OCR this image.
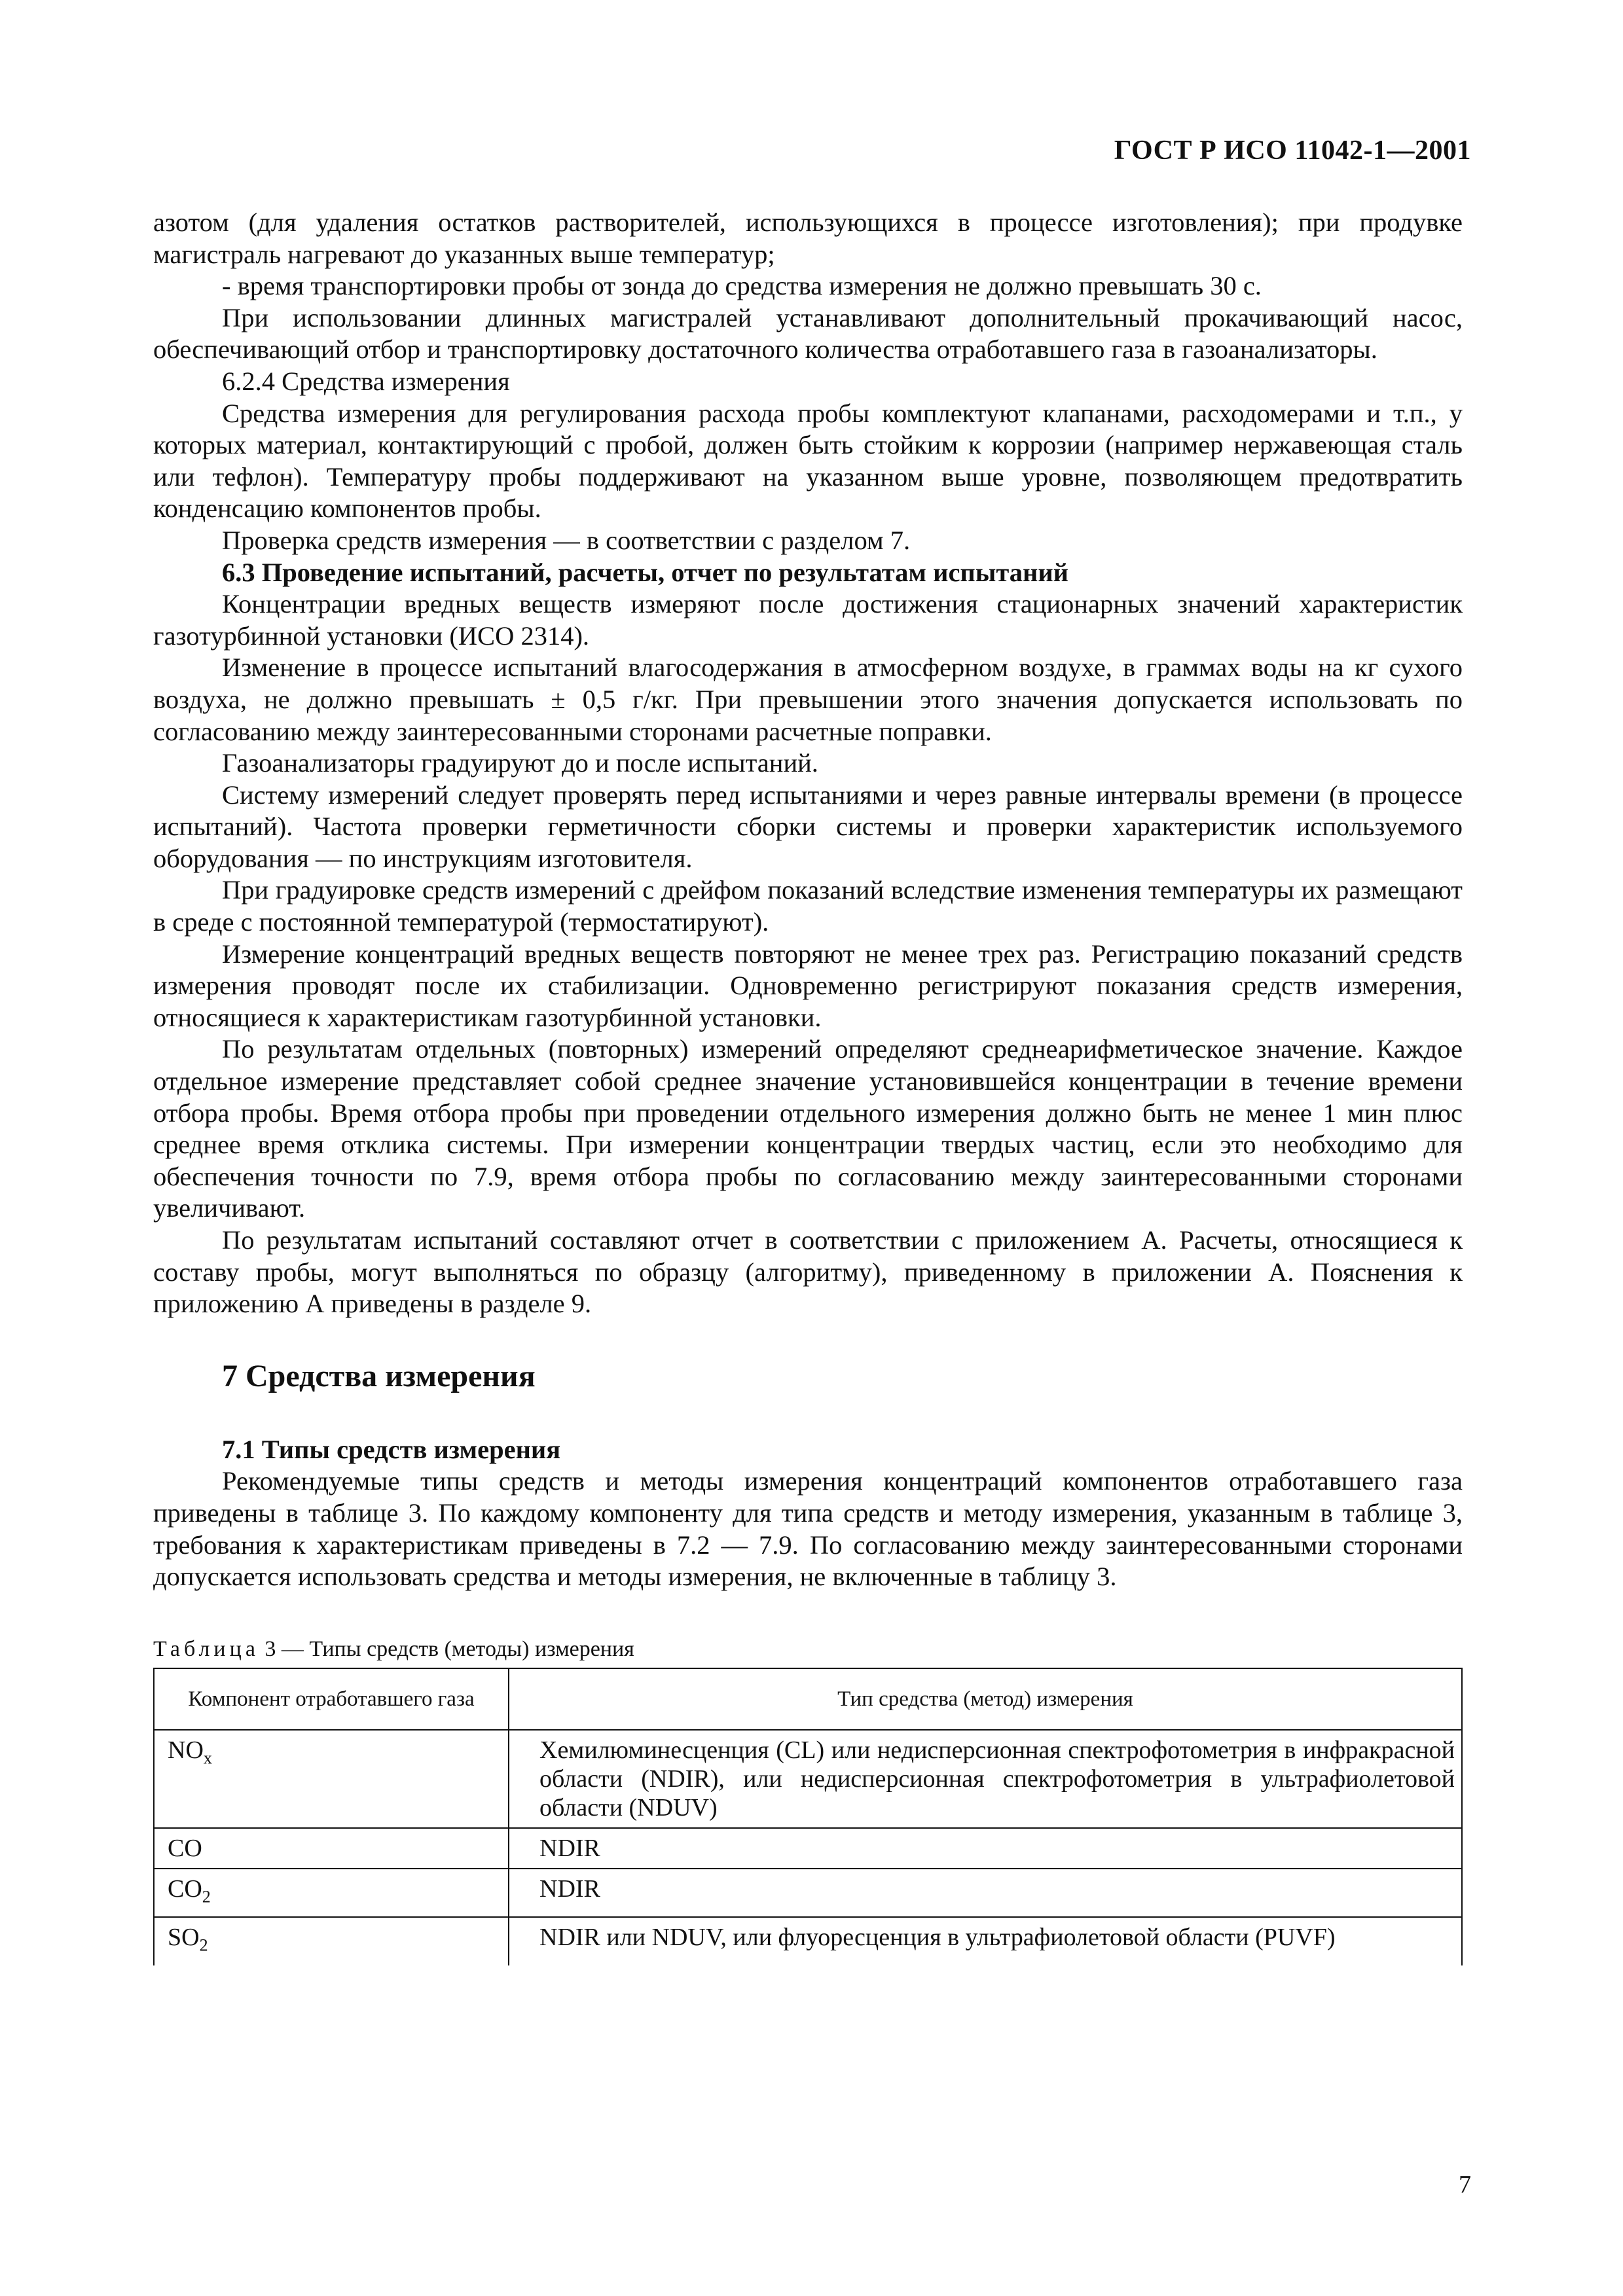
ГОСТ Р ИСО 11042-1—2001

азотом (для удаления остатков растворителей, использующихся в процессе изготовления); при продувке магистраль нагревают до указанных выше температур;

- время транспортировки пробы от зонда до средства измерения не должно превышать 30 с.

При использовании длинных магистралей устанавливают дополнительный прокачивающий насос, обеспечивающий отбор и транспортировку достаточного количества отработавшего газа в газоанализаторы.

6.2.4 Средства измерения

Средства измерения для регулирования расхода пробы комплектуют клапанами, расходомерами и т.п., у которых материал, контактирующий с пробой, должен быть стойким к коррозии (например нержавеющая сталь или тефлон). Температуру пробы поддерживают на указанном выше уровне, позволяющем предотвратить конденсацию компонентов пробы.

Проверка средств измерения — в соответствии с разделом 7.

6.3 Проведение испытаний, расчеты, отчет по результатам испытаний

Концентрации вредных веществ измеряют после достижения стационарных значений характеристик газотурбинной установки (ИСО 2314).

Изменение в процессе испытаний влагосодержания в атмосферном воздухе, в граммах воды на кг сухого воздуха, не должно превышать ± 0,5 г/кг. При превышении этого значения допускается использовать по согласованию между заинтересованными сторонами расчетные поправки.

Газоанализаторы градуируют до и после испытаний.

Систему измерений следует проверять перед испытаниями и через равные интервалы времени (в процессе испытаний). Частота проверки герметичности сборки системы и проверки характеристик используемого оборудования — по инструкциям изготовителя.

При градуировке средств измерений с дрейфом показаний вследствие изменения температуры их размещают в среде с постоянной температурой (термостатируют).

Измерение концентраций вредных веществ повторяют не менее трех раз. Регистрацию показаний средств измерения проводят после их стабилизации. Одновременно регистрируют показания средств измерения, относящиеся к характеристикам газотурбинной установки.

По результатам отдельных (повторных) измерений определяют среднеарифметическое значение. Каждое отдельное измерение представляет собой среднее значение установившейся концентрации в течение времени отбора пробы. Время отбора пробы при проведении отдельного измерения должно быть не менее 1 мин плюс среднее время отклика системы. При измерении концентрации твердых частиц, если это необходимо для обеспечения точности по 7.9, время отбора пробы по согласованию между заинтересованными сторонами увеличивают.

По результатам испытаний составляют отчет в соответствии с приложением А. Расчеты, относящиеся к составу пробы, могут выполняться по образцу (алгоритму), приведенному в приложении А. Пояснения к приложению А приведены в разделе 9.

7 Средства измерения

7.1 Типы средств измерения

Рекомендуемые типы средств и методы измерения концентраций компонентов отработавшего газа приведены в таблице 3. По каждому компоненту для типа средств и методу измерения, указанным в таблице 3, требования к характеристикам приведены в 7.2 — 7.9. По согласованию между заинтересованными сторонами допускается использовать средства и методы измерения, не включенные в таблицу 3.

Таблица 3 — Типы средств (методы) измерения
Компонент отработавшего газа	Тип средства (метод) измерения
$NO_x$	Хемилюминесценция (CL) или недисперсионная спектрофотометрия в инфракрасной области (NDIR), или недисперсионная спектрофотометрия в ультрафиолетовой области (NDUV)
CO	NDIR
$CO_2$	NDIR
$SO_2$	NDIR или NDUV, или флуоресценция в ультрафиолетовой области (PUVF)
7
